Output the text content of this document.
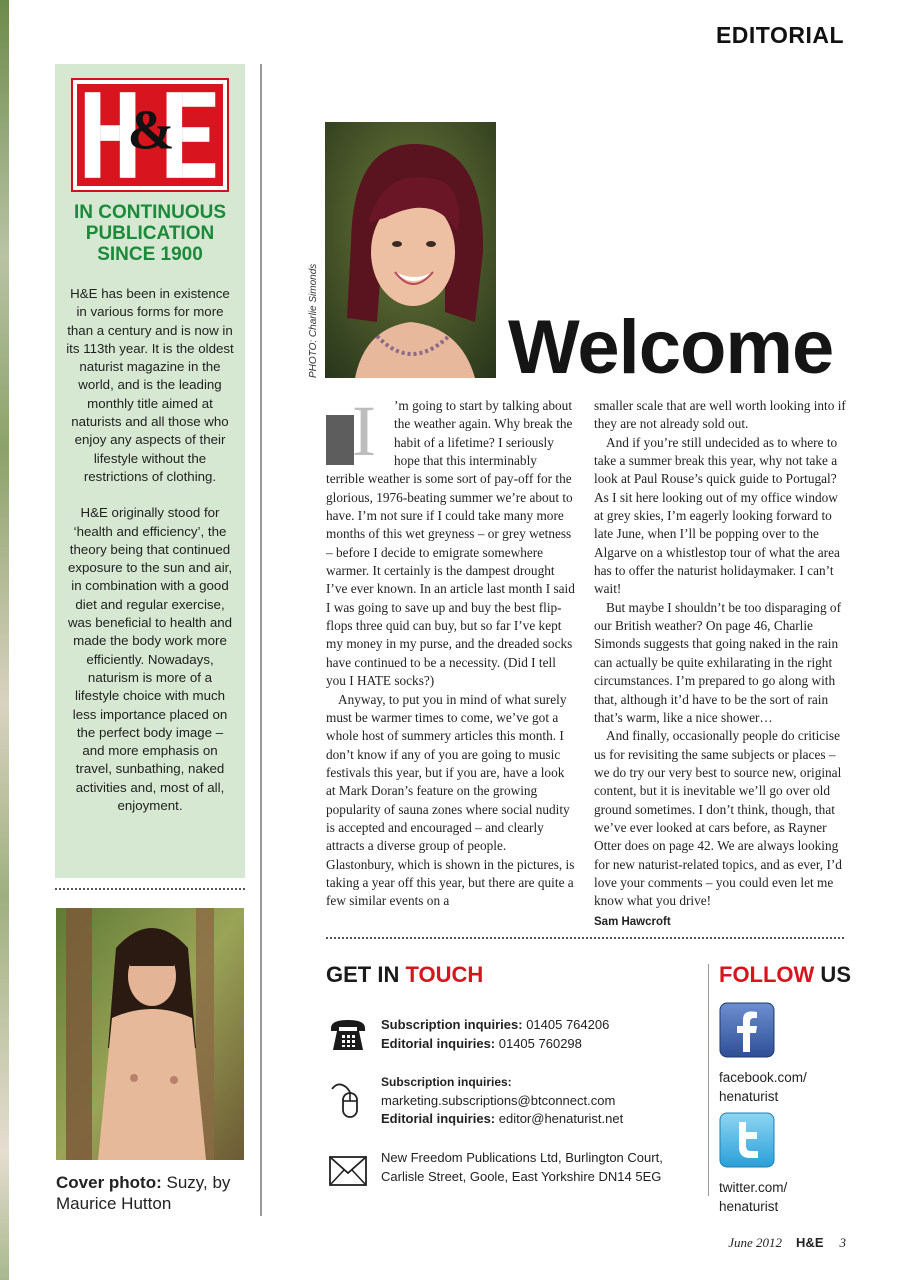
EDITORIAL
&
IN CONTINUOUS
PUBLICATION
SINCE 1900

H&E has been in existence in various forms for more than a century and is now in its 113th year. It is the oldest naturist magazine in the world, and is the leading monthly title aimed at naturists and all those who enjoy any aspects of their lifestyle without the restrictions of clothing.

H&E originally stood for ‘health and efficiency’, the theory being that continued exposure to the sun and air, in combination with a good diet and regular exercise, was beneficial to health and made the body work more efficiently. Nowadays, naturism is more of a lifestyle choice with much less importance placed on the perfect body image – and more emphasis on travel, sunbathing, naked activities and, most of all, enjoyment.

Cover photo: Suzy, by Maurice Hutton
PHOTO: Charlie Simonds Welcome
I	’m going to start by talking about the weather again. Why break the habit of a lifetime? I seriously hope that this interminably terrible weather is some sort of pay-off for the glorious, 1976-beating summer we’re about to have. I’m not sure if I could take many more months of this wet greyness – or grey wetness – before I decide to emigrate somewhere warmer. It certainly is the dampest drought I’ve ever known. In an article last month I said I was going to save up and buy the best flip-flops three quid can buy, but so far I’ve kept my money in my purse, and the dreaded socks have continued to be a necessity. (Did I tell you I HATE socks?)

Anyway, to put you in mind of what surely must be warmer times to come, we’ve got a whole host of summery articles this month. I don’t know if any of you are going to music festivals this year, but if you are, have a look at Mark Doran’s feature on the growing popularity of sauna zones where social nudity is accepted and encouraged – and clearly attracts a diverse group of people. Glastonbury, which is shown in the pictures, is taking a year off this year, but there are quite a few similar events on a

smaller scale that are well worth looking into if they are not already sold out.

And if you’re still undecided as to where to take a summer break this year, why not take a look at Paul Rouse’s quick guide to Portugal? As I sit here looking out of my office window at grey skies, I’m eagerly looking forward to late June, when I’ll be popping over to the Algarve on a whistlestop tour of what the area has to offer the naturist holidaymaker. I can’t wait!

But maybe I shouldn’t be too disparaging of our British weather? On page 46, Charlie Simonds suggests that going naked in the rain can actually be quite exhilarating in the right circumstances. I’m prepared to go along with that, although it’d have to be the sort of rain that’s warm, like a nice shower…

And finally, occasionally people do criticise us for revisiting the same subjects or places – we do try our very best to source new, original content, but it is inevitable we’ll go over old ground sometimes. I don’t think, though, that we’ve ever looked at cars before, as Rayner Otter does on page 42. We are always looking for new naturist-related topics, and as ever, I’d love your comments – you could even let me know what you drive!

Sam Hawcroft
GET IN TOUCH
Subscription inquiries: 01405 764206
Editorial inquiries: 01405 760298
Subscription inquiries:
marketing.subscriptions@btconnect.com
Editorial inquiries: editor@henaturist.net
New Freedom Publications Ltd, Burlington Court,
Carlisle Street, Goole, East Yorkshire DN14 5EG
FOLLOW US
facebook.com/
henaturist
twitter.com/
henaturist
June 2012 H&E 3
